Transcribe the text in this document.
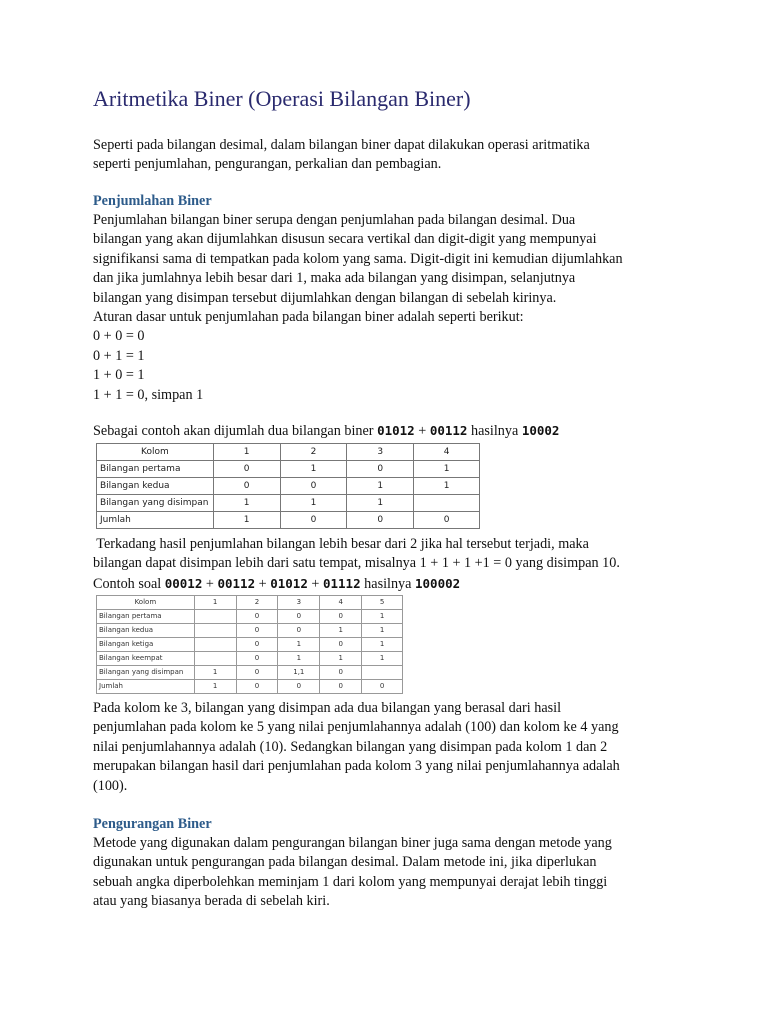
Aritmetika Biner (Operasi Bilangan Biner)

Seperti pada bilangan desimal, dalam bilangan biner dapat dilakukan operasi aritmatika
seperti penjumlahan, pengurangan, perkalian dan pembagian.

Penjumlahan Biner

Penjumlahan bilangan biner serupa dengan penjumlahan pada bilangan desimal. Dua
bilangan yang akan dijumlahkan disusun secara vertikal dan digit-digit yang mempunyai
signifikansi sama di tempatkan pada kolom yang sama. Digit-digit ini kemudian dijumlahkan
dan jika jumlahnya lebih besar dari 1, maka ada bilangan yang disimpan, selanjutnya
bilangan yang disimpan tersebut dijumlahkan dengan bilangan di sebelah kirinya.
Aturan dasar untuk penjumlahan pada bilangan biner adalah seperti berikut:
0 + 0 = 0
0 + 1 = 1
1 + 0 = 1
1 + 1 = 0, simpan 1

Sebagai contoh akan dijumlah dua bilangan biner 01012 + 00112 hasilnya 10002

Kolom	1	2	3	4
Bilangan pertama	0	1	0	1
Bilangan kedua	0	0	1	1
Bilangan yang disimpan	1	1	1	
Jumlah	1	0	0	0

Terkadang hasil penjumlahan bilangan lebih besar dari 2 jika hal tersebut terjadi, maka
bilangan dapat disimpan lebih dari satu tempat, misalnya 1 + 1 + 1 +1 = 0 yang disimpan 10.
Contoh soal 00012 + 00112 + 01012 + 01112 hasilnya 100002

Kolom	1	2	3	4	5
Bilangan pertama		0	0	0	1
Bilangan kedua		0	0	1	1
Bilangan ketiga		0	1	0	1
Bilangan keempat		0	1	1	1
Bilangan yang disimpan	1	0	1,1	0	
Jumlah	1	0	0	0	0

Pada kolom ke 3, bilangan yang disimpan ada dua bilangan yang berasal dari hasil
penjumlahan pada kolom ke 5 yang nilai penjumlahannya adalah (100) dan kolom ke 4 yang
nilai penjumlahannya adalah (10). Sedangkan bilangan yang disimpan pada kolom 1 dan 2
merupakan bilangan hasil dari penjumlahan pada kolom 3 yang nilai penjumlahannya adalah
(100).

Pengurangan Biner

Metode yang digunakan dalam pengurangan bilangan biner juga sama dengan metode yang
digunakan untuk pengurangan pada bilangan desimal. Dalam metode ini, jika diperlukan
sebuah angka diperbolehkan meminjam 1 dari kolom yang mempunyai derajat lebih tinggi
atau yang biasanya berada di sebelah kiri.
